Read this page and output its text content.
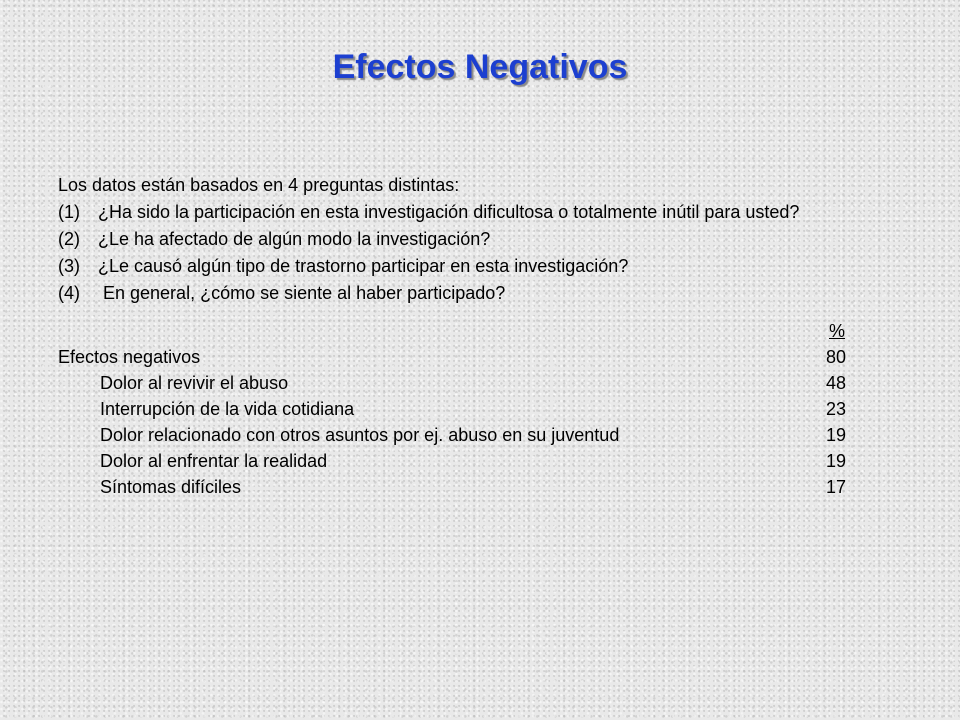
Efectos Negativos
Los datos están basados en 4 preguntas distintas:
(1)	¿Ha sido la participación en esta investigación dificultosa o totalmente inútil para usted?
(2)	¿Le ha afectado de algún modo la investigación?
(3)	¿Le causó algún tipo de trastorno participar en esta investigación?
(4)	En general, ¿cómo se siente al haber participado?
%
Efectos negativos	80
Dolor al revivir el abuso	48
Interrupción de la vida cotidiana	23
Dolor relacionado con otros asuntos por ej. abuso en su juventud	19
Dolor al enfrentar la realidad	19
Síntomas difíciles	17
